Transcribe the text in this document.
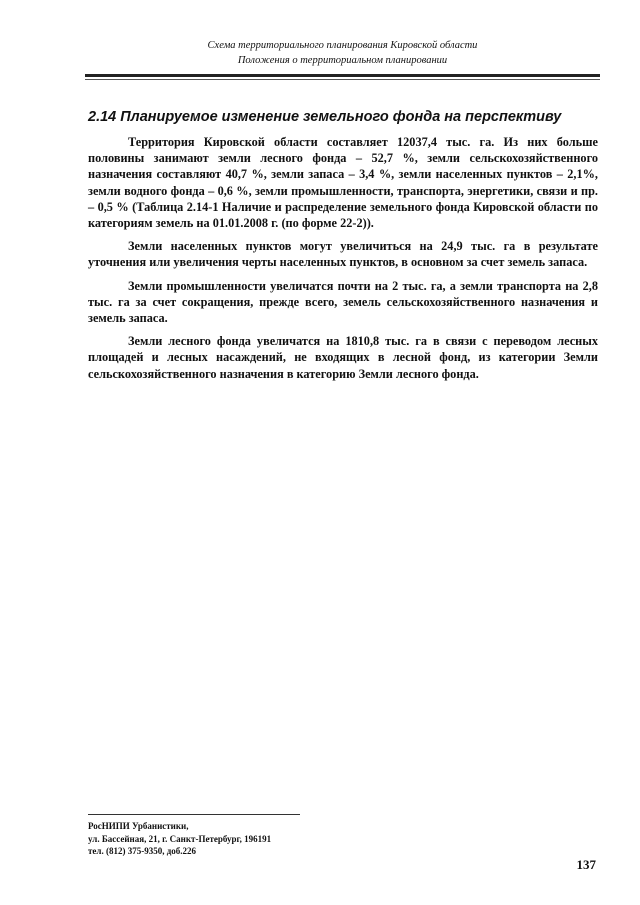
Схема территориального планирования Кировской области
Положения о территориальном планировании
2.14 Планируемое изменение земельного фонда на перспективу

Территория Кировской области составляет 12037,4 тыс. га. Из них больше половины занимают земли лесного фонда – 52,7 %, земли сельскохозяйственного назначения составляют 40,7 %, земли запаса – 3,4 %, земли населенных пунктов – 2,1%, земли водного фонда – 0,6 %, земли промышленности, транспорта, энергетики, связи и пр. – 0,5 % (Таблица 2.14-1 Наличие и распределение земельного фонда Кировской области по категориям земель на 01.01.2008 г. (по форме 22-2)).

Земли населенных пунктов могут увеличиться на 24,9 тыс. га в результате уточнения или увеличения черты населенных пунктов, в основном за счет земель запаса.

Земли промышленности увеличатся почти на 2 тыс. га, а земли транспорта на 2,8 тыс. га за счет сокращения, прежде всего, земель сельскохозяйственного назначения и земель запаса.

Земли лесного фонда увеличатся на 1810,8 тыс. га в связи с переводом лесных площадей и лесных насаждений, не входящих в лесной фонд, из категории Земли сельскохозяйственного назначения в категорию Земли лесного фонда.

РосНИПИ Урбанистики,
ул. Бассейная, 21, г. Санкт-Петербург, 196191
тел. (812) 375-9350, доб.226
137
